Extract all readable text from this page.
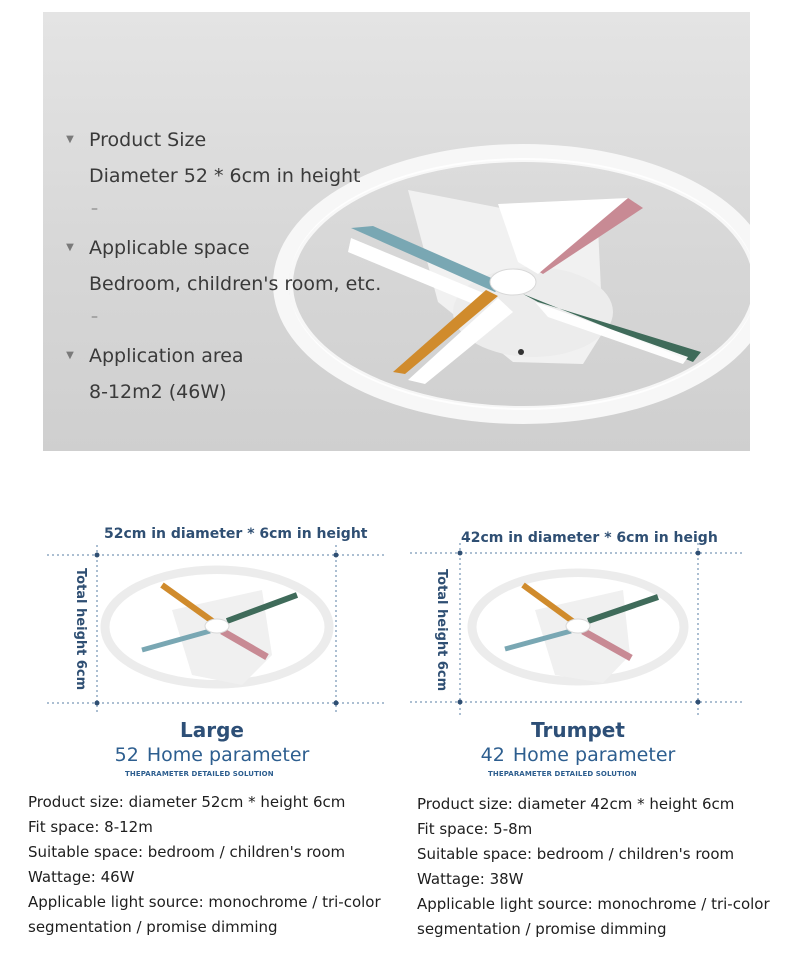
▼ Product Size
Diameter 52 * 6cm in height
–
▼ Applicable space
Bedroom, children's room, etc.
–
▼ Application area
8-12m2 (46W)
52cm in diameter * 6cm in height
Total height 6cm
Large
52 Home parameter
THEPARAMETER DETAILED SOLUTION
Product size: diameter 52cm * height 6cm
Fit space: 8-12m
Suitable space: bedroom / children's room
Wattage: 46W
Applicable light source: monochrome / tri-color
segmentation / promise dimming
42cm in diameter * 6cm in heigh
Total height 6cm
Trumpet
42 Home parameter
THEPARAMETER DETAILED SOLUTION
Product size: diameter 42cm * height 6cm
Fit space: 5-8m
Suitable space: bedroom / children's room
Wattage: 38W
Applicable light source: monochrome / tri-color
segmentation / promise dimming
